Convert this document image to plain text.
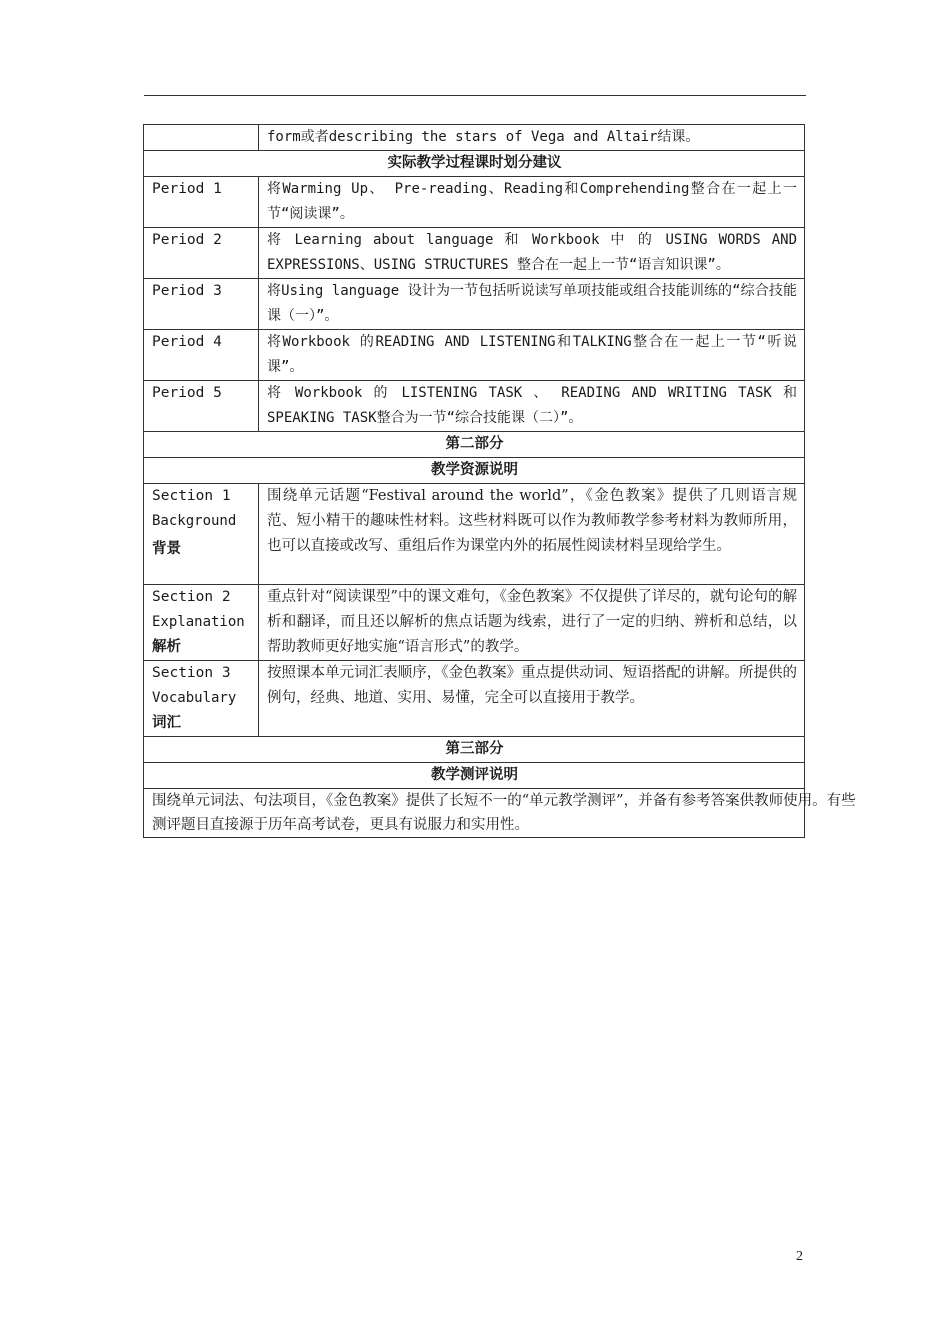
	form或者describing the stars of Vega and Altair结课。
实际教学过程课时划分建议	
Period 1	将Warming Up、 Pre-reading、Reading和Comprehending整合在一起上一节“阅读课”。
Period 2	将 Learning about language 和 Workbook 中 的 USING WORDS AND EXPRESSIONS、USING STRUCTURES 整合在一起上一节“语言知识课”。
Period 3	将Using language 设计为一节包括听说读写单项技能或组合技能训练的“综合技能课（一）”。
Period 4	将Workbook 的READING AND LISTENING和TALKING整合在一起上一节“听说课”。
Period 5	将 Workbook 的 LISTENING TASK 、 READING AND WRITING TASK 和 SPEAKING TASK整合为一节“综合技能课（二）”。
第二部分	
教学资源说明	

Section 1
Background
背景	围绕单元话题“Festival around the world”，《金色教案》提供了几则语言规范、短小精干的趣味性材料。这些材料既可以作为教师教学参考材料为教师所用，也可以直接或改写、重组后作为课堂内外的拓展性阅读材料呈现给学生。

Section 2
Explanation
解析	重点针对“阅读课型”中的课文难句，《金色教案》不仅提供了详尽的，就句论句的解析和翻译，而且还以解析的焦点话题为线索，进行了一定的归纳、辨析和总结，以帮助教师更好地实施“语言形式”的教学。

Section 3
Vocabulary
词汇	按照课本单元词汇表顺序，《金色教案》重点提供动词、短语搭配的讲解。所提供的例句，经典、地道、实用、易懂，完全可以直接用于教学。
第三部分	
教学测评说明	

围绕单元词法、句法项目，《金色教案》提供了长短不一的“单元教学测评”，并备有参考答案供教师使用。有些
测评题目直接源于历年高考试卷，更具有说服力和实用性。	
2
